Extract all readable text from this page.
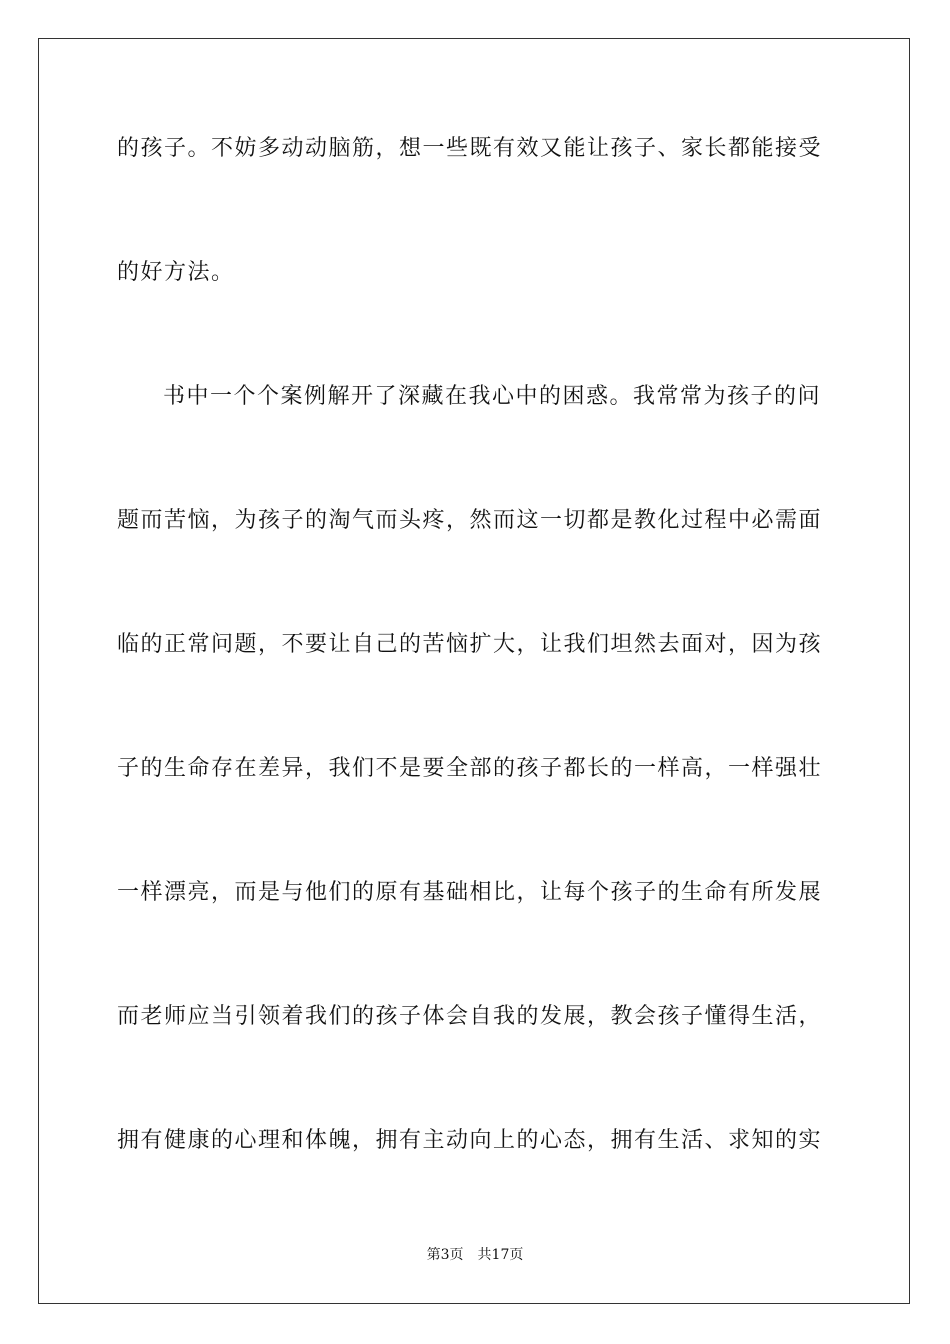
的孩子。不妨多动动脑筋，想一些既有效又能让孩子、家长都能接受
的好方法。
书中一个个案例解开了深藏在我心中的困惑。我常常为孩子的问
题而苦恼，为孩子的淘气而头疼，然而这一切都是教化过程中必需面
临的正常问题，不要让自己的苦恼扩大，让我们坦然去面对，因为孩
子的生命存在差异，我们不是要全部的孩子都长的一样高，一样强壮
一样漂亮，而是与他们的原有基础相比，让每个孩子的生命有所发展
而老师应当引领着我们的孩子体会自我的发展，教会孩子懂得生活，
拥有健康的心理和体魄，拥有主动向上的心态，拥有生活、求知的实
第3页　共17页
